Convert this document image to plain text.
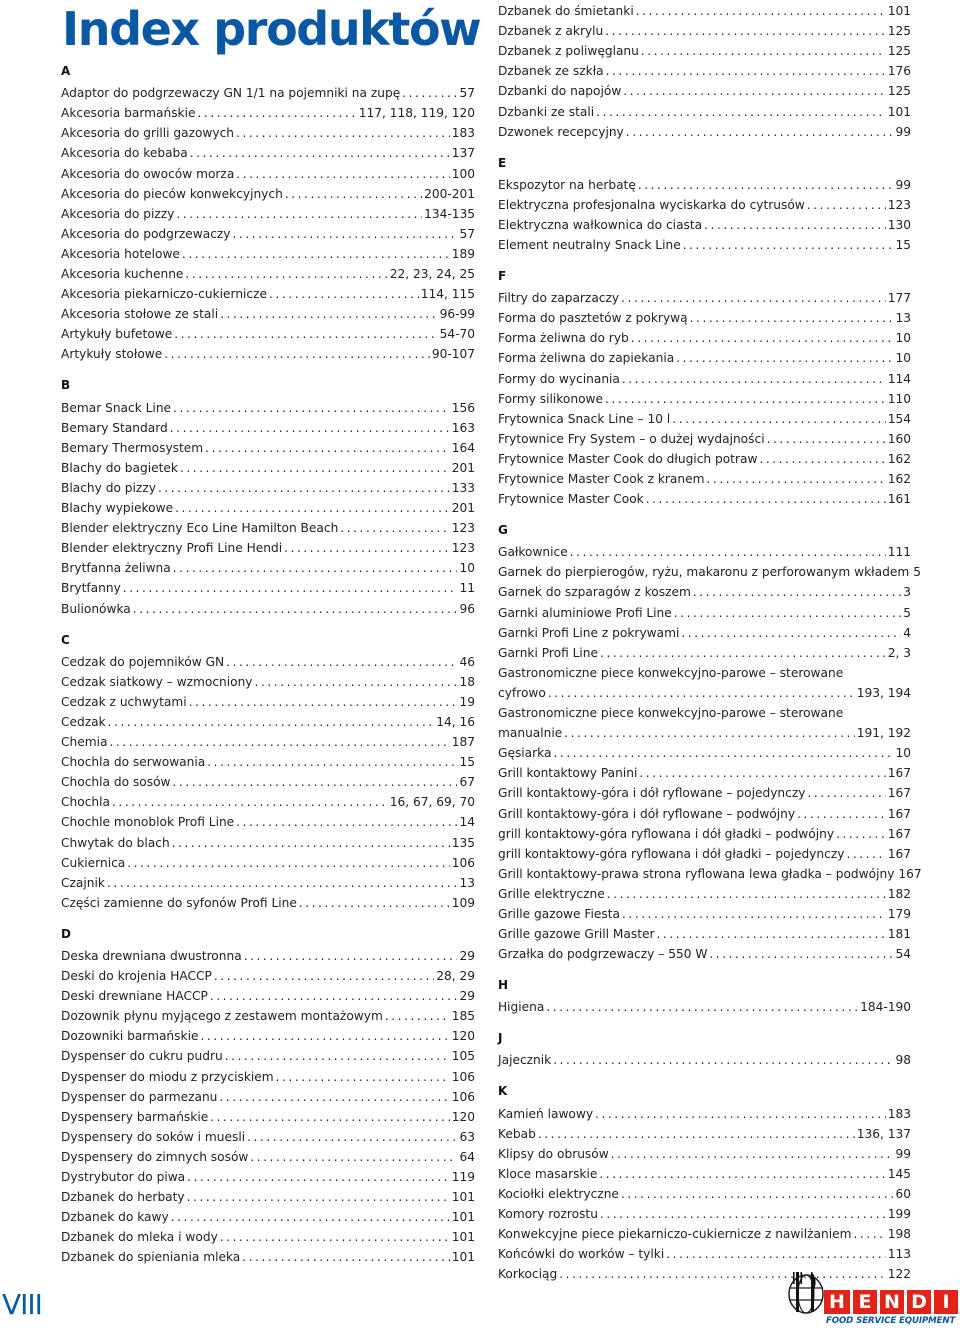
Index produktów
A
Adaptor do podgrzewaczy GN 1/1 na pojemniki na zupę .....	57
Akcesoria barmańskie .....	117, 118, 119, 120
Akcesoria do grilli gazowych .....	183
Akcesoria do kebaba .....	137
Akcesoria do owoców morza .....	100
Akcesoria do pieców konwekcyjnych .....	200-201
Akcesoria do pizzy .....	134-135
Akcesoria do podgrzewaczy .....	57
Akcesoria hotelowe .....	189
Akcesoria kuchenne .....	22, 23, 24, 25
Akcesoria piekarniczo-cukiernicze .....	114, 115
Akcesoria stołowe ze stali .....	96-99
Artykuły bufetowe .....	54-70
Artykuły stołowe .....	90-107
B
Bemar Snack Line .....	156
Bemary Standard .....	163
Bemary Thermosystem .....	164
Blachy do bagietek .....	201
Blachy do pizzy .....	133
Blachy wypiekowe .....	201
Blender elektryczny Eco Line Hamilton Beach .....	123
Blender elektryczny Profi Line Hendi .....	123
Brytfanna żeliwna .....	10
Brytfanny .....	11
Bulionówka .....	96
C
Cedzak do pojemników GN .....	46
Cedzak siatkowy – wzmocniony .....	18
Cedzak z uchwytami .....	19
Cedzak .....	14, 16
Chemia .....	187
Chochla do serwowania .....	15
Chochla do sosów .....	67
Chochla .....	16, 67, 69, 70
Chochle monoblok Profi Line .....	14
Chwytak do blach .....	135
Cukiernica .....	106
Czajnik .....	13
Części zamienne do syfonów Profi Line .....	109
D
Deska drewniana dwustronna .....	29
Deski do krojenia HACCP .....	28, 29
Deski drewniane HACCP .....	29
Dozownik płynu myjącego z zestawem montażowym .....	185
Dozowniki barmańskie .....	120
Dyspenser do cukru pudru .....	105
Dyspenser do miodu z przyciskiem .....	106
Dyspenser do parmezanu .....	106
Dyspensery barmańskie .....	120
Dyspensery do soków i muesli .....	63
Dyspensery do zimnych sosów .....	64
Dystrybutor do piwa .....	119
Dzbanek do herbaty .....	101
Dzbanek do kawy .....	101
Dzbanek do mleka i wody .....	101
Dzbanek do spieniania mleka .....	101
Dzbanek do śmietanki .....	101
Dzbanek z akrylu .....	125
Dzbanek z poliwęglanu .....	125
Dzbanek ze szkła .....	176
Dzbanki do napojów .....	125
Dzbanki ze stali .....	101
Dzwonek recepcyjny .....	99
E
Ekspozytor na herbatę .....	99
Elektryczna profesjonalna wyciskarka do cytrusów .....	123
Elektryczna wałkownica do ciasta .....	130
Element neutralny Snack Line .....	15
F
Filtry do zaparzaczy .....	177
Forma do pasztetów z pokrywą .....	13
Forma żeliwna do ryb .....	10
Forma żeliwna do zapiekania .....	10
Formy do wycinania .....	114
Formy silikonowe .....	110
Frytownica Snack Line – 10 l .....	154
Frytownice Fry System – o dużej wydajności .....	160
Frytownice Master Cook do długich potraw .....	162
Frytownice Master Cook z kranem .....	162
Frytownice Master Cook .....	161
G
Gałkownice .....	111
Garnek do pierpierogów, ryżu, makaronu z perforowanym wkładem 5
Garnek do szparagów z koszem .....	3
Garnki aluminiowe Profi Line .....	5
Garnki Profi Line z pokrywami .....	4
Garnki Profi Line .....	2, 3
Gastronomiczne piece konwekcyjno-parowe – sterowane
cyfrowo .....	193, 194
Gastronomiczne piece konwekcyjno-parowe – sterowane
manualnie .....	191, 192
Gęsiarka .....	10
Grill kontaktowy Panini .....	167
Grill kontaktowy-góra i dół ryflowane – pojedynczy .....	167
Grill kontaktowy-góra i dół ryflowane – podwójny .....	167
grill kontaktowy-góra ryflowana i dół gładki – podwójny .....	167
grill kontaktowy-góra ryflowana i dół gładki – pojedynczy .....	167
Grill kontaktowy-prawa strona ryflowana lewa gładka – podwójny 167
Grille elektryczne .....	182
Grille gazowe Fiesta .....	179
Grille gazowe Grill Master .....	181
Grzałka do podgrzewaczy – 550 W .....	54
H
Higiena .....	184-190
J
Jajecznik .....	98
K
Kamień lawowy .....	183
Kebab .....	136, 137
Klipsy do obrusów .....	99
Kloce masarskie .....	145
Kociołki elektryczne .....	60
Komory rozrostu .....	199
Konwekcyjne piece piekarniczo-cukiernicze z nawilżaniem .....	198
Końcówki do worków – tylki .....	113
Korkociąg .....	122
VIII	H E N D I
FOOD SERVICE EQUIPMENT
